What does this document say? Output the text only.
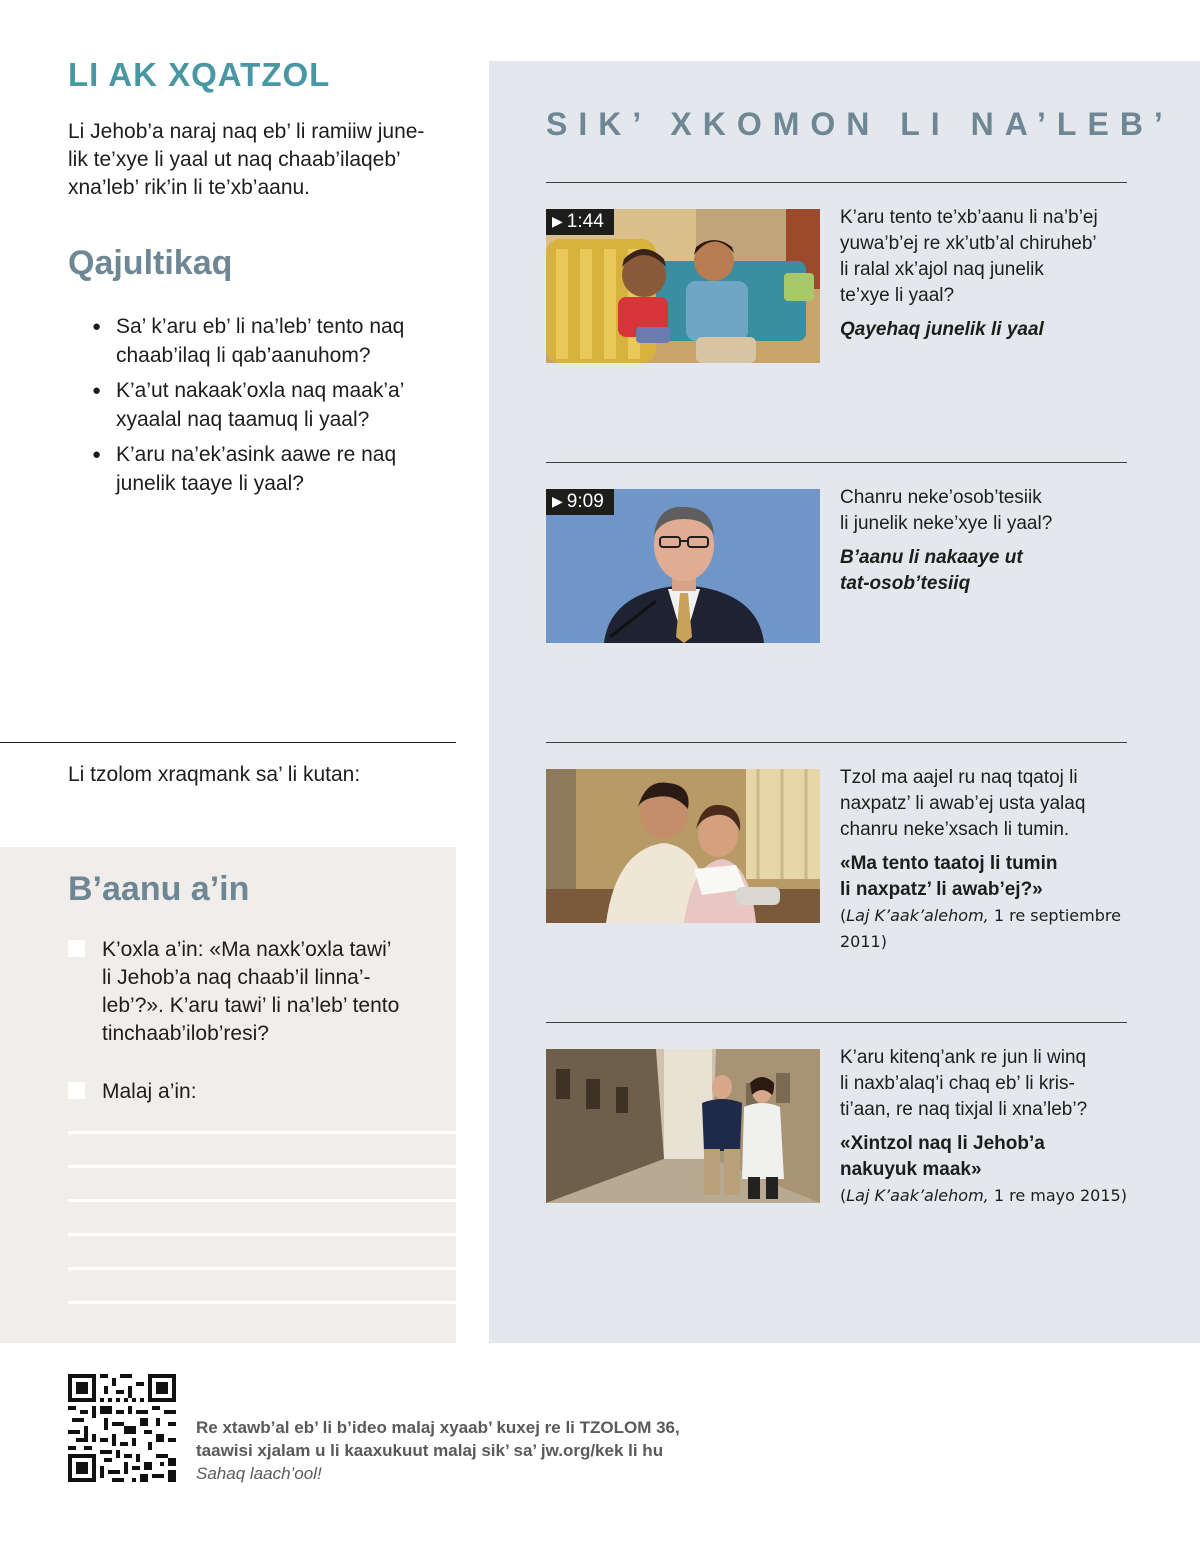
LI AK XQATZOL

Li Jehob’a naraj naq eb’ li ramiiw june-
lik te’xye li yaal ut naq chaab’ilaqeb’
xna’leb’ rik’in li te’xb’aanu.

Qajultikaq
● Sa’ k’aru eb’ li na’leb’ tento naq
chaab’ilaq li qab’aanuhom?
● K’a’ut nakaak’oxla naq maak’a’
xyaalal naq taamuq li yaal?
● K’aru na’ek’asink aawe re naq
junelik taaye li yaal?

Li tzolom xraqmank sa’ li kutan:

B’aanu a’in

K’oxla a’in: «Ma naxk’oxla tawi’
li Jehob’a naq chaab’il linna’-
leb’?». K’aru tawi’ li na’leb’ tento
tinchaab’ilob’resi?

Malaj a’in:

SIK’ XKOMON LI NA’LEB’
▶ 1:44	K’aru tento te’xb’aanu li na’b’ej
yuwa’b’ej re xk’utb’al chiruheb’
li ralal xk’ajol naq junelik
te’xye li yaal?

Qayehaq junelik li yaal

▶ 9:09	Chanru neke’osob’tesiik
li junelik neke’xye li yaal?

B’aanu li nakaaye ut
tat-osob’tesiiq

Tzol ma aajel ru naq tqatoj li
naxpatz’ li awab’ej usta yalaq
chanru neke’xsach li tumin.

«Ma tento taatoj li tumin
li naxpatz’ li awab’ej?»

(Laj K’aak’alehom, 1 re septiembre
2011)

K’aru kitenq’ank re jun li winq
li naxb’alaq’i chaq eb’ li kris-
ti’aan, re naq tixjal li xna’leb’?

«Xintzol naq li Jehob’a
nakuyuk maak»

(Laj K’aak’alehom, 1 re mayo 2015)

Re xtawb’al eb’ li b’ideo malaj xyaab’ kuxej re li TZOLOM 36,
taawisi xjalam u li kaaxukuut malaj sik’ sa’ jw.org/kek li hu
Sahaq laach’ool!
